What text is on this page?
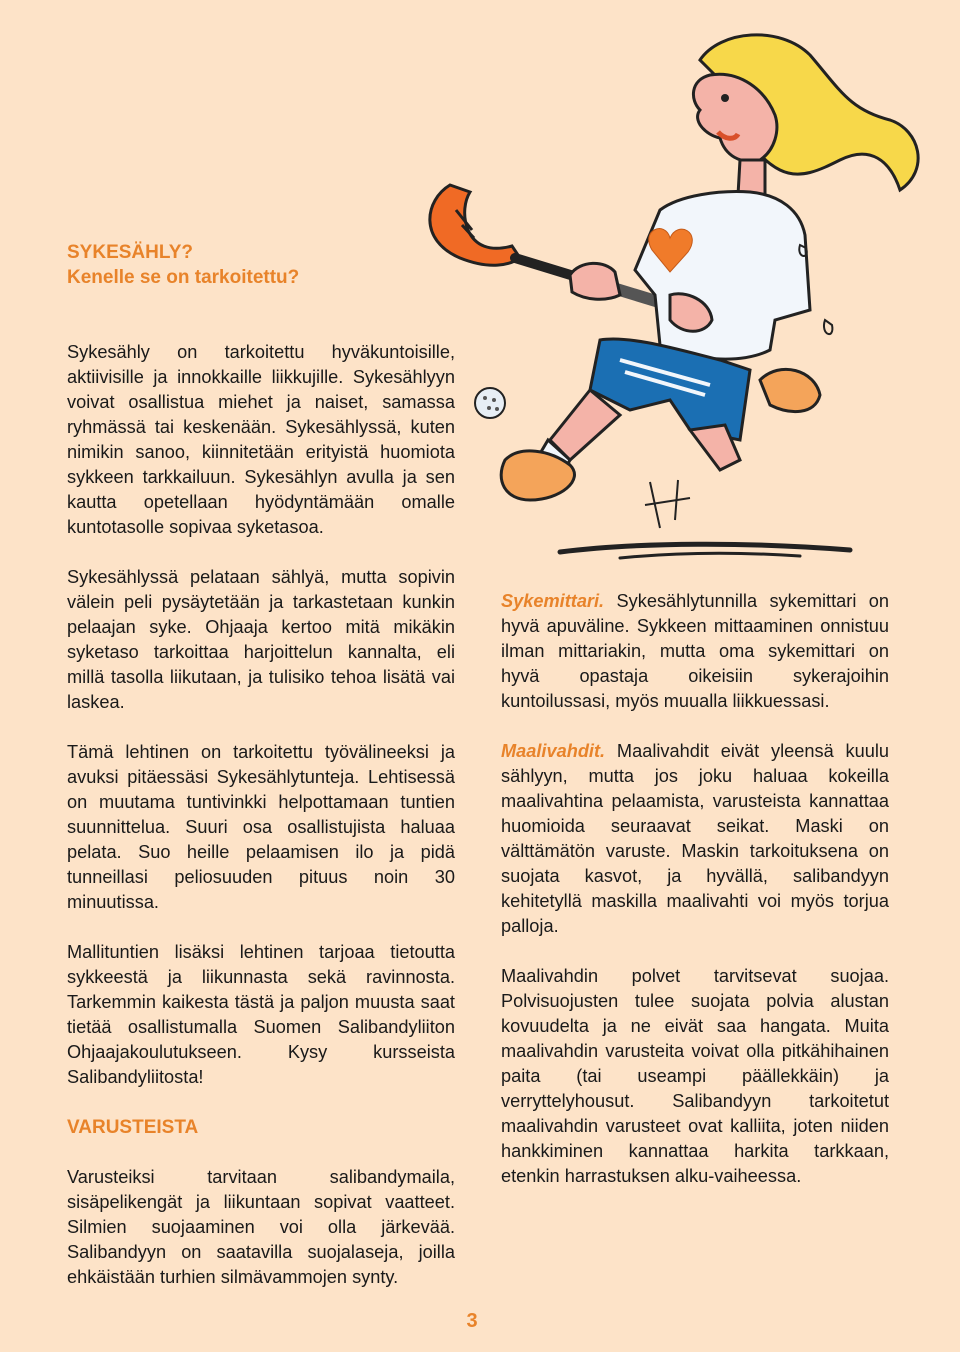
SYKESÄHLY?
Kenelle se on tarkoitettu?

Sykesähly on tarkoitettu hyväkuntoisille, aktiivisille ja innokkaille liikkujille. Sykesählyyn voivat osallistua miehet ja naiset, samassa ryhmässä tai keskenään. Sykesählyssä, kuten nimikin sanoo, kiinnitetään erityistä huomiota sykkeen tarkkailuun. Sykesählyn avulla ja sen kautta opetellaan hyödyntämään omalle kuntotasolle sopivaa syketasoa.

Sykesählyssä pelataan sählyä, mutta sopivin välein peli pysäytetään ja tarkastetaan kunkin pelaajan syke. Ohjaaja kertoo mitä mikäkin syketaso tarkoittaa harjoittelun kannalta, eli millä tasolla liikutaan, ja tulisiko tehoa lisätä vai laskea.

Tämä lehtinen on tarkoitettu työvälineeksi ja avuksi pitäessäsi Sykesählytunteja. Lehtisessä on muutama tuntivinkki helpottamaan tuntien suunnittelua. Suuri osa osallistujista haluaa pelata. Suo heille pelaamisen ilo ja pidä tunneillasi peliosuuden pituus noin 30 minuutissa.

Mallituntien lisäksi lehtinen tarjoaa tietoutta sykkeestä ja liikunnasta sekä ravinnosta. Tarkemmin kaikesta tästä ja paljon muusta saat tietää osallistumalla Suomen Salibandyliiton Ohjaajakoulutukseen. Kysy kursseista Salibandyliitosta!

VARUSTEISTA

Varusteiksi tarvitaan salibandymaila, sisäpelikengät ja liikuntaan sopivat vaatteet. Silmien suojaaminen voi olla järkevää. Salibandyyn on saatavilla suojalaseja, joilla ehkäistään turhien silmävammojen synty.

Sykemittari. Sykesählytunnilla sykemittari on hyvä apuväline. Sykkeen mittaaminen onnistuu ilman mittariakin, mutta oma sykemittari on hyvä opastaja oikeisiin sykerajoihin kuntoilussasi, myös muualla liikkuessasi.

Maalivahdit. Maalivahdit eivät yleensä kuulu sählyyn, mutta jos joku haluaa kokeilla maalivahtina pelaamista, varusteista kannattaa huomioida seuraavat seikat. Maski on välttämätön varuste. Maskin tarkoituksena on suojata kasvot, ja hyvällä, salibandyyn kehitetyllä maskilla maalivahti voi myös torjua palloja.

Maalivahdin polvet tarvitsevat suojaa. Polvisuojusten tulee suojata polvia alustan kovuudelta ja ne eivät saa hangata. Muita maalivahdin varusteita voivat olla pitkähihainen paita (tai useampi päällekkäin) ja verryttelyhousut. Salibandyyn tarkoitetut maalivahdin varusteet ovat kalliita, joten niiden hankkiminen kannattaa harkita tarkkaan, etenkin harrastuksen alku-vaiheessa.

3
